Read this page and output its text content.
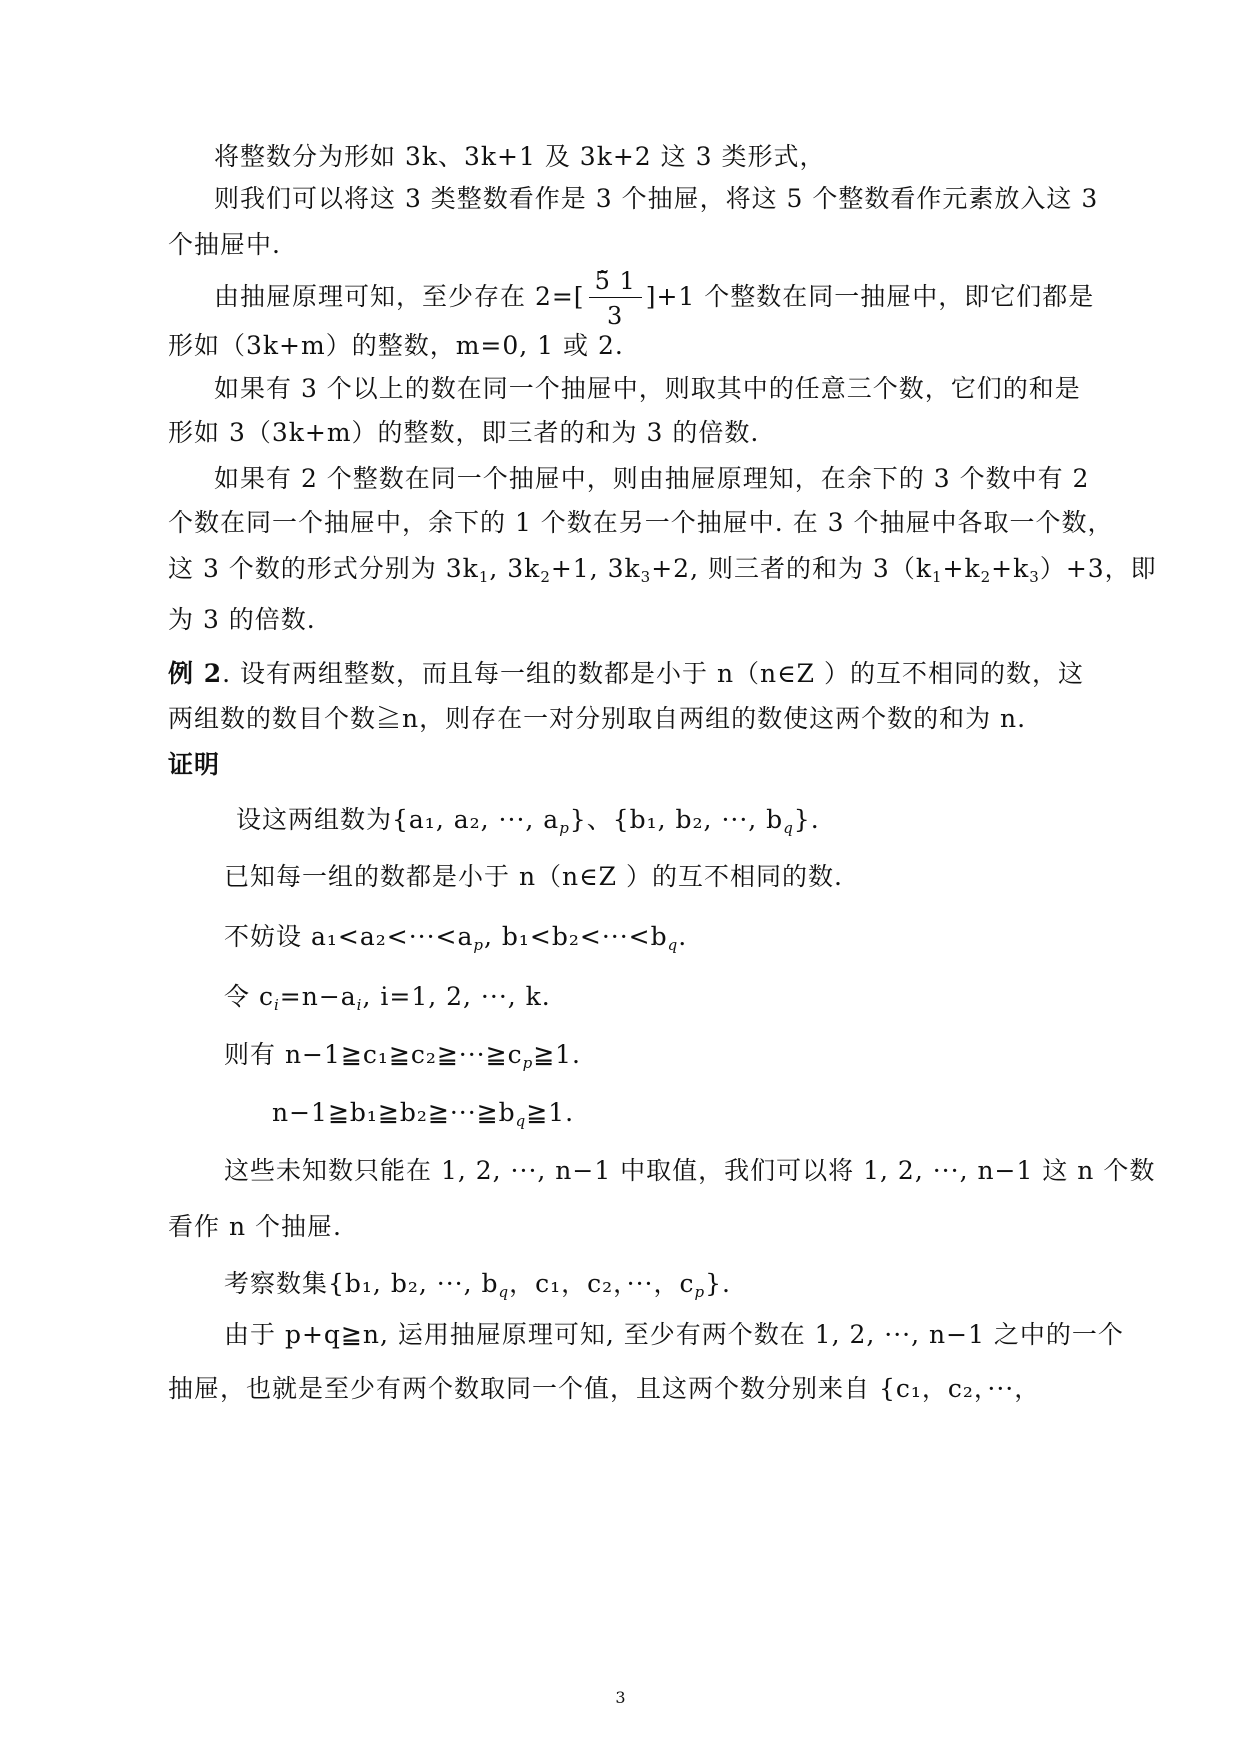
将整数分为形如 3k、3k+1 及 3k+2 这 3 类形式，
则我们可以将这 3 类整数看作是 3 个抽屉，将这 5 个整数看作元素放入这 3
个抽屉中.
由抽屉原理可知，至少存在 $2=[ \frac{5̃ 1}{3} ]+1$ 个整数在同一抽屉中，即它们都是
形如（3k+m）的整数，m=0, 1 或 2.
如果有 3 个以上的数在同一个抽屉中，则取其中的任意三个数，它们的和是
形如 3（3k+m）的整数，即三者的和为 3 的倍数.
如果有 2 个整数在同一个抽屉中，则由抽屉原理知，在余下的 3 个数中有 2
个数在同一个抽屉中，余下的 1 个数在另一个抽屉中. 在 3 个抽屉中各取一个数，
这 3 个数的形式分别为 $3k_1$, $3k_2+1$, $3k_3+2$, 则三者的和为 $3(k_1+k_2+k_3)+3$，即
为 3 的倍数.
例 2. 设有两组整数，而且每一组的数都是小于 n（n∈Z ）的互不相同的数，这
两组数的数目个数≧n，则存在一对分别取自两组的数使这两个数的和为 n.
证明
设这两组数为{a₁, a₂, ···, $a_p$}、{b₁, b₂, ···, $b_q$}.
已知每一组的数都是小于 n（n∈Z ）的互不相同的数.
不妨设 $a_1<a_2<\cdot\cdot\cdot<a_p$, $b_1<b_2<\cdot\cdot\cdot<b_q$.
令 $c_i=n-a_i$, i=1, 2, ···, k.
则有 $n-1≧c_1≧c_2≧\cdot\cdot\cdot≧c_p≧1$.
$n-1≧b_1≧b_2≧\cdot\cdot\cdot≧b_q≧1$.
这些未知数只能在 1, 2, ···, n−1 中取值，我们可以将 1, 2, ···, n−1 这 n 个数
看作 n 个抽屉.
考察数集{b₁, b₂, ···, $b_q$，c₁，c₂，···，$c_p$}.
由于 p+q≧n, 运用抽屉原理可知, 至少有两个数在 1, 2, ···, n−1 之中的一个
抽屉，也就是至少有两个数取同一个值，且这两个数分别来自 {c₁，c₂，···，
3
